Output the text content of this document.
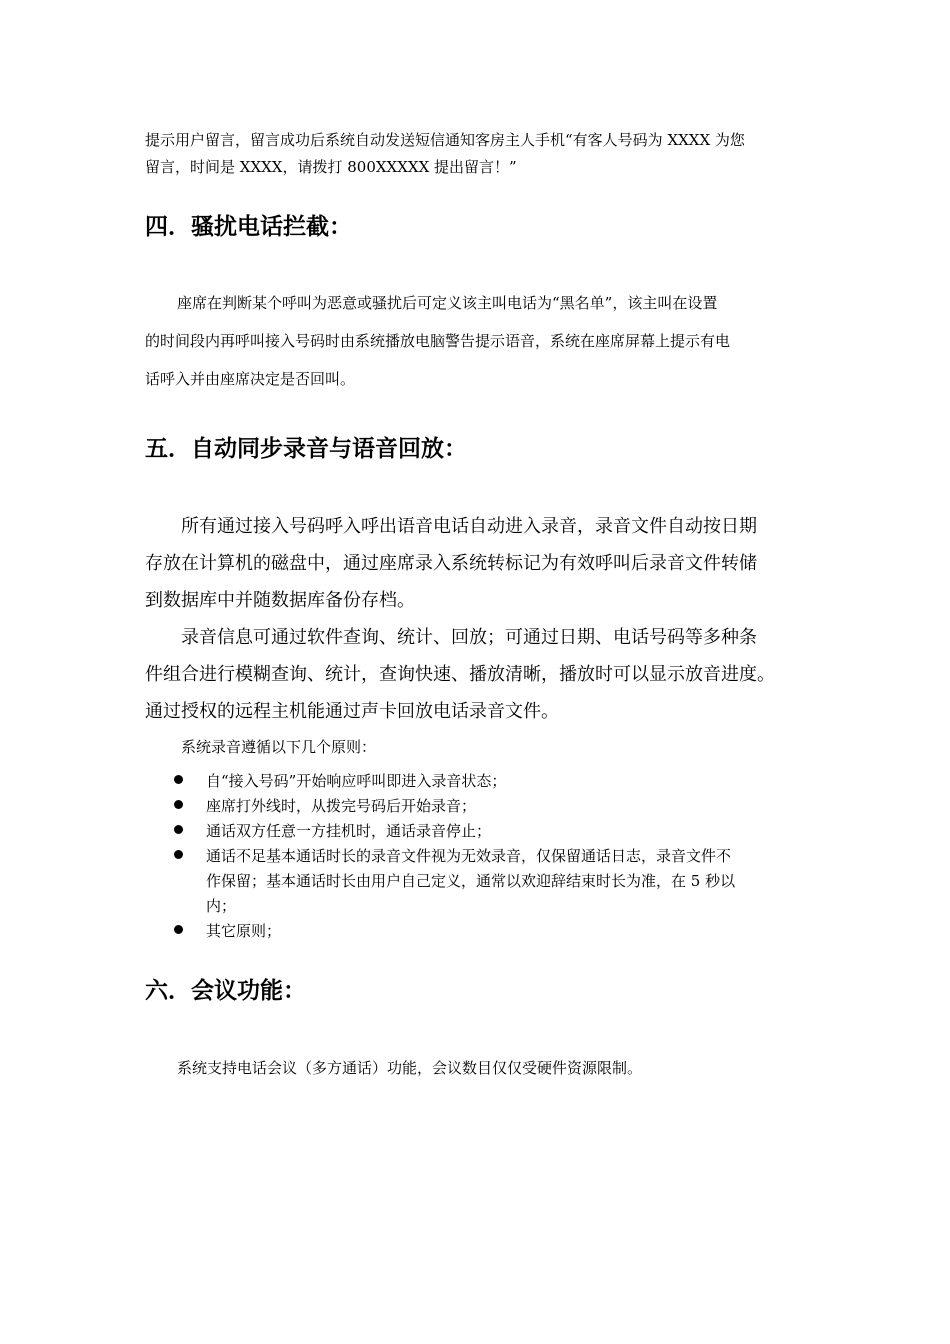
提示用户留言，留言成功后系统自动发送短信通知客房主人手机“有客人号码为 XXXX 为您

留言，时间是 XXXX，请拨打 800XXXXX 提出留言！”

四．骚扰电话拦截：

座席在判断某个呼叫为恶意或骚扰后可定义该主叫电话为“黑名单”，该主叫在设置

的时间段内再呼叫接入号码时由系统播放电脑警告提示语音，系统在座席屏幕上提示有电

话呼入并由座席决定是否回叫。

五．自动同步录音与语音回放：

所有通过接入号码呼入呼出语音电话自动进入录音，录音文件自动按日期

存放在计算机的磁盘中，通过座席录入系统转标记为有效呼叫后录音文件转储

到数据库中并随数据库备份存档。

录音信息可通过软件查询、统计、回放；可通过日期、电话号码等多种条

件组合进行模糊查询、统计，查询快速、播放清晰，播放时可以显示放音进度。

通过授权的远程主机能通过声卡回放电话录音文件。

系统录音遵循以下几个原则：

自“接入号码”开始响应呼叫即进入录音状态；
座席打外线时，从拨完号码后开始录音；
通话双方任意一方挂机时，通话录音停止；
通话不足基本通话时长的录音文件视为无效录音，仅保留通话日志，录音文件不
作保留；基本通话时长由用户自己定义，通常以欢迎辞结束时长为准，在 5 秒以
内；
其它原则；
六．会议功能：

系统支持电话会议（多方通话）功能，会议数目仅仅受硬件资源限制。
